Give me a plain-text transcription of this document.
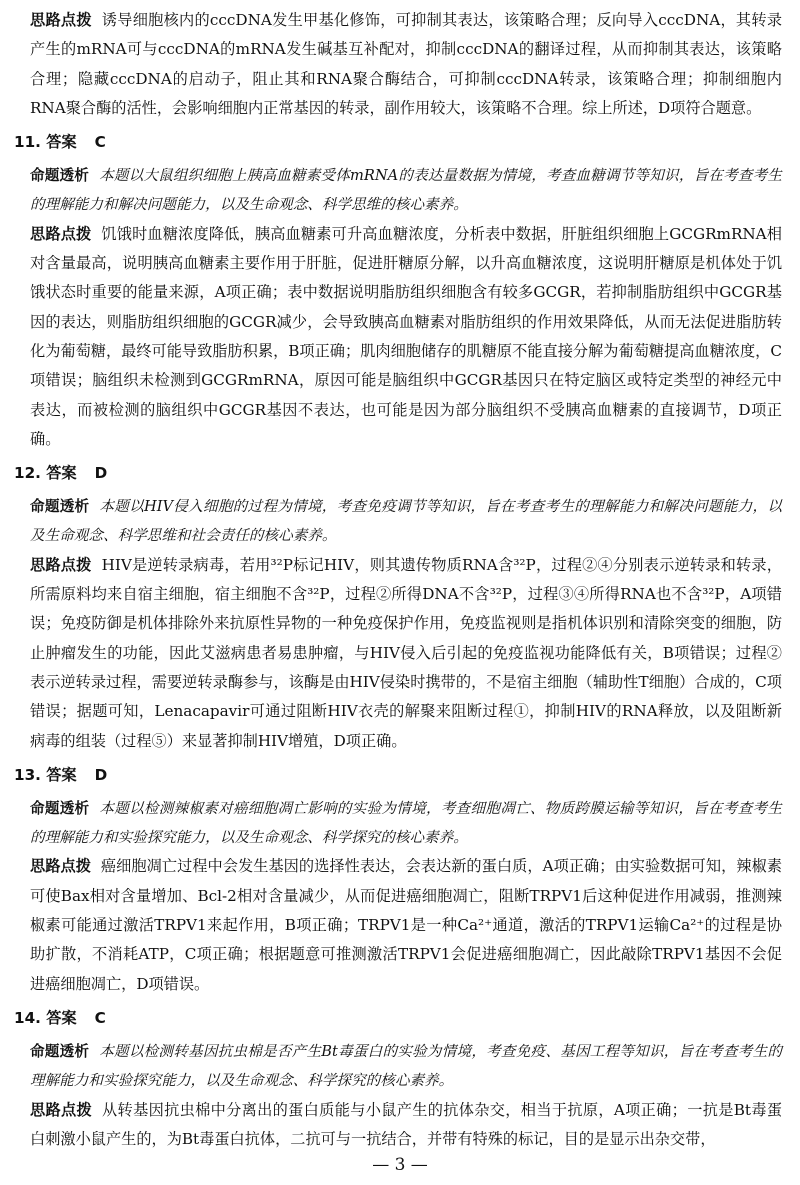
思路点拨 诱导细胞核内的cccDNA发生甲基化修饰，可抑制其表达，该策略合理；反向导入cccDNA，其转录产生的mRNA可与cccDNA的mRNA发生碱基互补配对，抑制cccDNA的翻译过程，从而抑制其表达，该策略合理；隐藏cccDNA的启动子，阻止其和RNA聚合酶结合，可抑制cccDNA转录，该策略合理；抑制细胞内RNA聚合酶的活性，会影响细胞内正常基因的转录，副作用较大，该策略不合理。综上所述，D项符合题意。

11. 答案 C

命题透析 本题以大鼠组织细胞上胰高血糖素受体mRNA的表达量数据为情境，考查血糖调节等知识，旨在考查考生的理解能力和解决问题能力，以及生命观念、科学思维的核心素养。

思路点拨 饥饿时血糖浓度降低，胰高血糖素可升高血糖浓度，分析表中数据，肝脏组织细胞上GCGRmRNA相对含量最高，说明胰高血糖素主要作用于肝脏，促进肝糖原分解，以升高血糖浓度，这说明肝糖原是机体处于饥饿状态时重要的能量来源，A项正确；表中数据说明脂肪组织细胞含有较多GCGR，若抑制脂肪组织中GCGR基因的表达，则脂肪组织细胞的GCGR减少，会导致胰高血糖素对脂肪组织的作用效果降低，从而无法促进脂肪转化为葡萄糖，最终可能导致脂肪积累，B项正确；肌肉细胞储存的肌糖原不能直接分解为葡萄糖提高血糖浓度，C项错误；脑组织未检测到GCGRmRNA，原因可能是脑组织中GCGR基因只在特定脑区或特定类型的神经元中表达，而被检测的脑组织中GCGR基因不表达，也可能是因为部分脑组织不受胰高血糖素的直接调节，D项正确。

12. 答案 D

命题透析 本题以HIV侵入细胞的过程为情境，考查免疫调节等知识，旨在考查考生的理解能力和解决问题能力，以及生命观念、科学思维和社会责任的核心素养。

思路点拨 HIV是逆转录病毒，若用³²P标记HIV，则其遗传物质RNA含³²P，过程②④分别表示逆转录和转录，所需原料均来自宿主细胞，宿主细胞不含³²P，过程②所得DNA不含³²P，过程③④所得RNA也不含³²P，A项错误；免疫防御是机体排除外来抗原性异物的一种免疫保护作用，免疫监视则是指机体识别和清除突变的细胞，防止肿瘤发生的功能，因此艾滋病患者易患肿瘤，与HIV侵入后引起的免疫监视功能降低有关，B项错误；过程②表示逆转录过程，需要逆转录酶参与，该酶是由HIV侵染时携带的，不是宿主细胞（辅助性T细胞）合成的，C项错误；据题可知，Lenacapavir可通过阻断HIV衣壳的解聚来阻断过程①，抑制HIV的RNA释放，以及阻断新病毒的组装（过程⑤）来显著抑制HIV增殖，D项正确。

13. 答案 D

命题透析 本题以检测辣椒素对癌细胞凋亡影响的实验为情境，考查细胞凋亡、物质跨膜运输等知识，旨在考查考生的理解能力和实验探究能力，以及生命观念、科学探究的核心素养。

思路点拨 癌细胞凋亡过程中会发生基因的选择性表达，会表达新的蛋白质，A项正确；由实验数据可知，辣椒素可使Bax相对含量增加、Bcl-2相对含量减少，从而促进癌细胞凋亡，阻断TRPV1后这种促进作用减弱，推测辣椒素可能通过激活TRPV1来起作用，B项正确；TRPV1是一种Ca²⁺通道，激活的TRPV1运输Ca²⁺的过程是协助扩散，不消耗ATP，C项正确；根据题意可推测激活TRPV1会促进癌细胞凋亡，因此敲除TRPV1基因不会促进癌细胞凋亡，D项错误。

14. 答案 C

命题透析 本题以检测转基因抗虫棉是否产生Bt毒蛋白的实验为情境，考查免疫、基因工程等知识，旨在考查考生的理解能力和实验探究能力，以及生命观念、科学探究的核心素养。

思路点拨 从转基因抗虫棉中分离出的蛋白质能与小鼠产生的抗体杂交，相当于抗原，A项正确；一抗是Bt毒蛋白刺激小鼠产生的，为Bt毒蛋白抗体，二抗可与一抗结合，并带有特殊的标记，目的是显示出杂交带，

— 3 —
